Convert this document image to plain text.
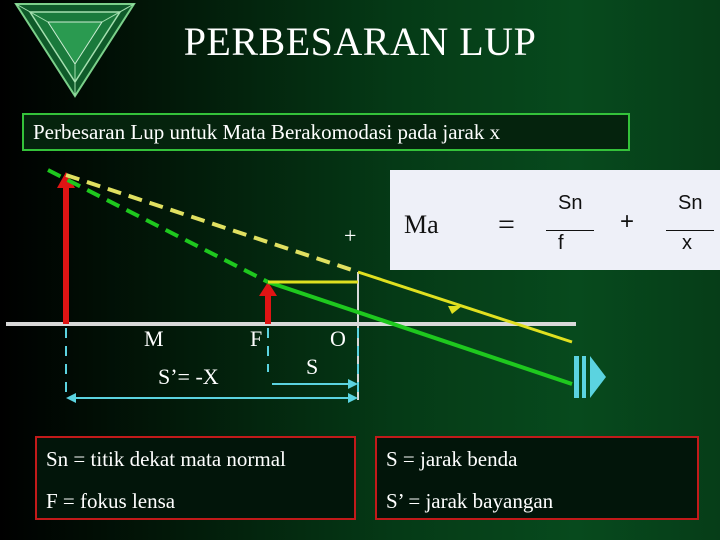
PERBESARAN LUP
Perbesaran Lup untuk Mata Berakomodasi pada jarak x
M	F	O
S’= -X	S
+ Ma =
Sn
f
+
Sn
x
Sn = titik dekat mata normal
F = fokus lensa
S = jarak benda
S’ = jarak bayangan
